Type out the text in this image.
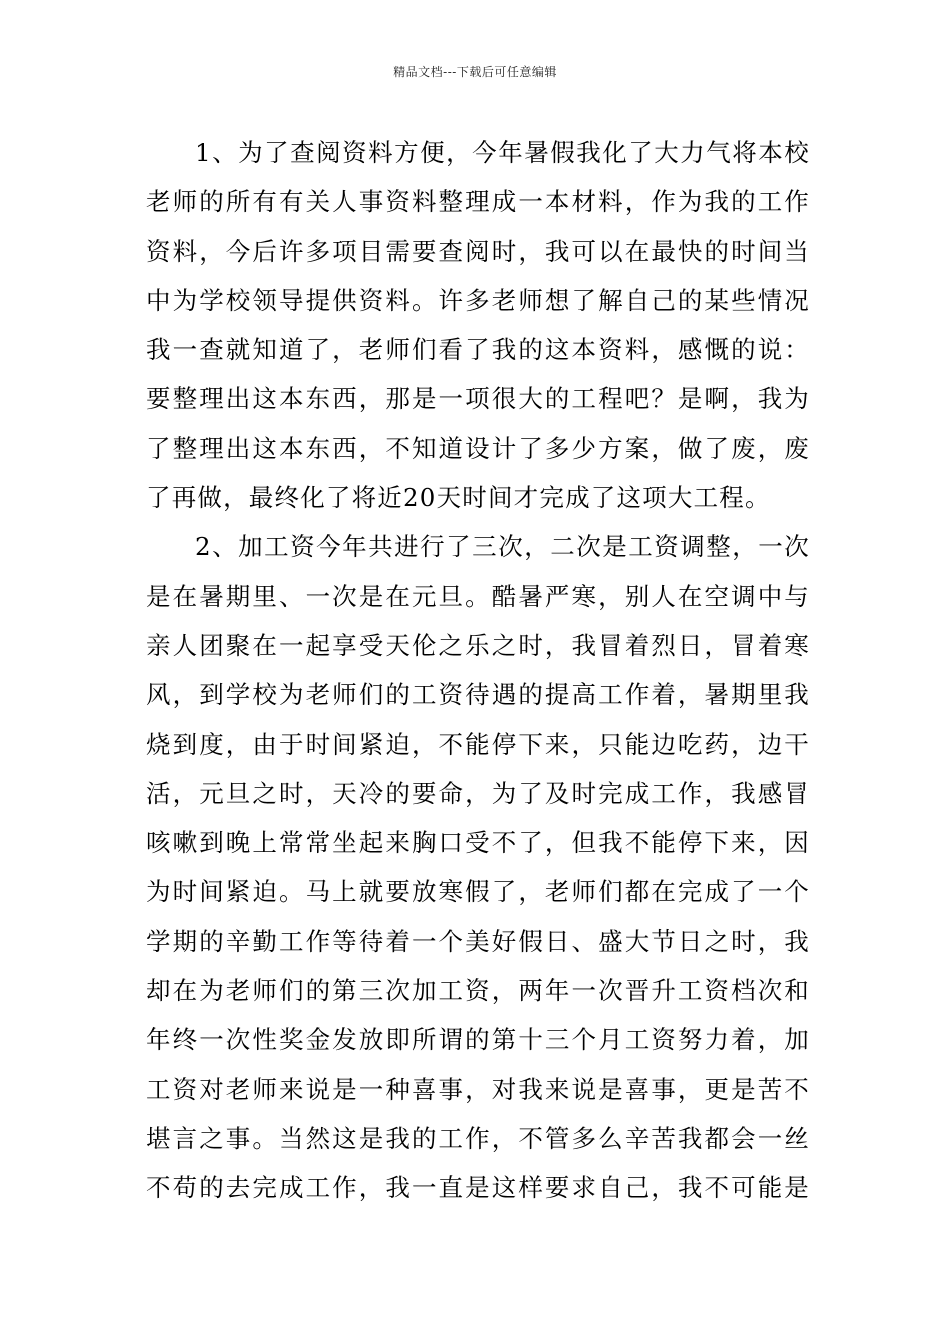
精品文档---下载后可任意编辑
1、为了查阅资料方便，今年暑假我化了大力气将本校
老师的所有有关人事资料整理成一本材料，作为我的工作
资料，今后许多项目需要查阅时，我可以在最快的时间当
中为学校领导提供资料。许多老师想了解自己的某些情况
我一查就知道了，老师们看了我的这本资料，感慨的说：
要整理出这本东西，那是一项很大的工程吧？是啊，我为
了整理出这本东西，不知道设计了多少方案，做了废，废
了再做，最终化了将近20天时间才完成了这项大工程。
2、加工资今年共进行了三次，二次是工资调整，一次
是在暑期里、一次是在元旦。酷暑严寒，别人在空调中与
亲人团聚在一起享受天伦之乐之时，我冒着烈日，冒着寒
风，到学校为老师们的工资待遇的提高工作着，暑期里我
烧到度，由于时间紧迫，不能停下来，只能边吃药，边干
活，元旦之时，天冷的要命，为了及时完成工作，我感冒
咳嗽到晚上常常坐起来胸口受不了，但我不能停下来，因
为时间紧迫。马上就要放寒假了，老师们都在完成了一个
学期的辛勤工作等待着一个美好假日、盛大节日之时，我
却在为老师们的第三次加工资，两年一次晋升工资档次和
年终一次性奖金发放即所谓的第十三个月工资努力着，加
工资对老师来说是一种喜事，对我来说是喜事，更是苦不
堪言之事。当然这是我的工作，不管多么辛苦我都会一丝
不苟的去完成工作，我一直是这样要求自己，我不可能是
